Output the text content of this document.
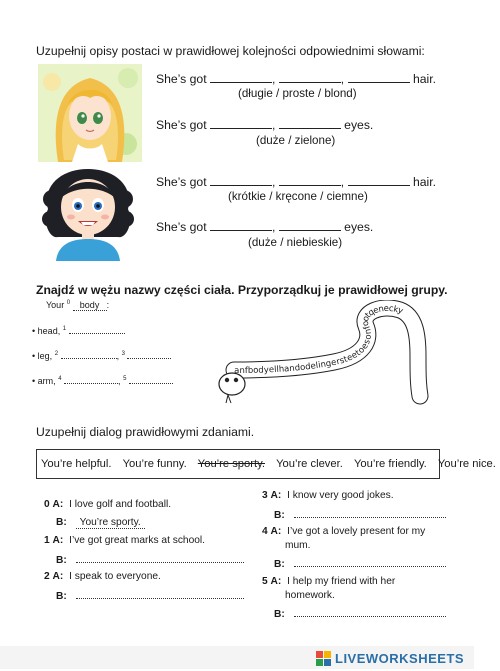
Uzupełnij opisy postaci w prawidłowej kolejności odpowiednimi słowami:
She’s got	,	,	hair.
(długie / proste / blond)
She’s got	,	eyes.
(duże / zielone)
She’s got	,	,	hair.
(krótkie / kręcone / ciemne)
She’s got	,	eyes.
(duże / niebieskie)
Znajdź w wężu nazwy części ciała. Przyporządkuj je prawidłowej grupy.
Your $^0$ body :
• head, $^1$
• leg, $^2$	, $^3$
• arm, $^4$	, $^5$
anfbodyellhandodelingersteetoesonfootqenecky
Uzupełnij dialog prawidłowymi zdaniami.
You’re helpful. You’re funny. You’re sporty. You’re clever. You’re friendly. You’re nice.
0 A: I love golf and football.
B: You’re sporty.
1 A: I’ve got great marks at school.
B:
2 A: I speak to everyone.
B:
3 A: I know very good jokes.
B:
4 A: I’ve got a lovely present for my
mum.
B:
5 A: I help my friend with her
homework.
B:
LIVEWORKSHEETS
